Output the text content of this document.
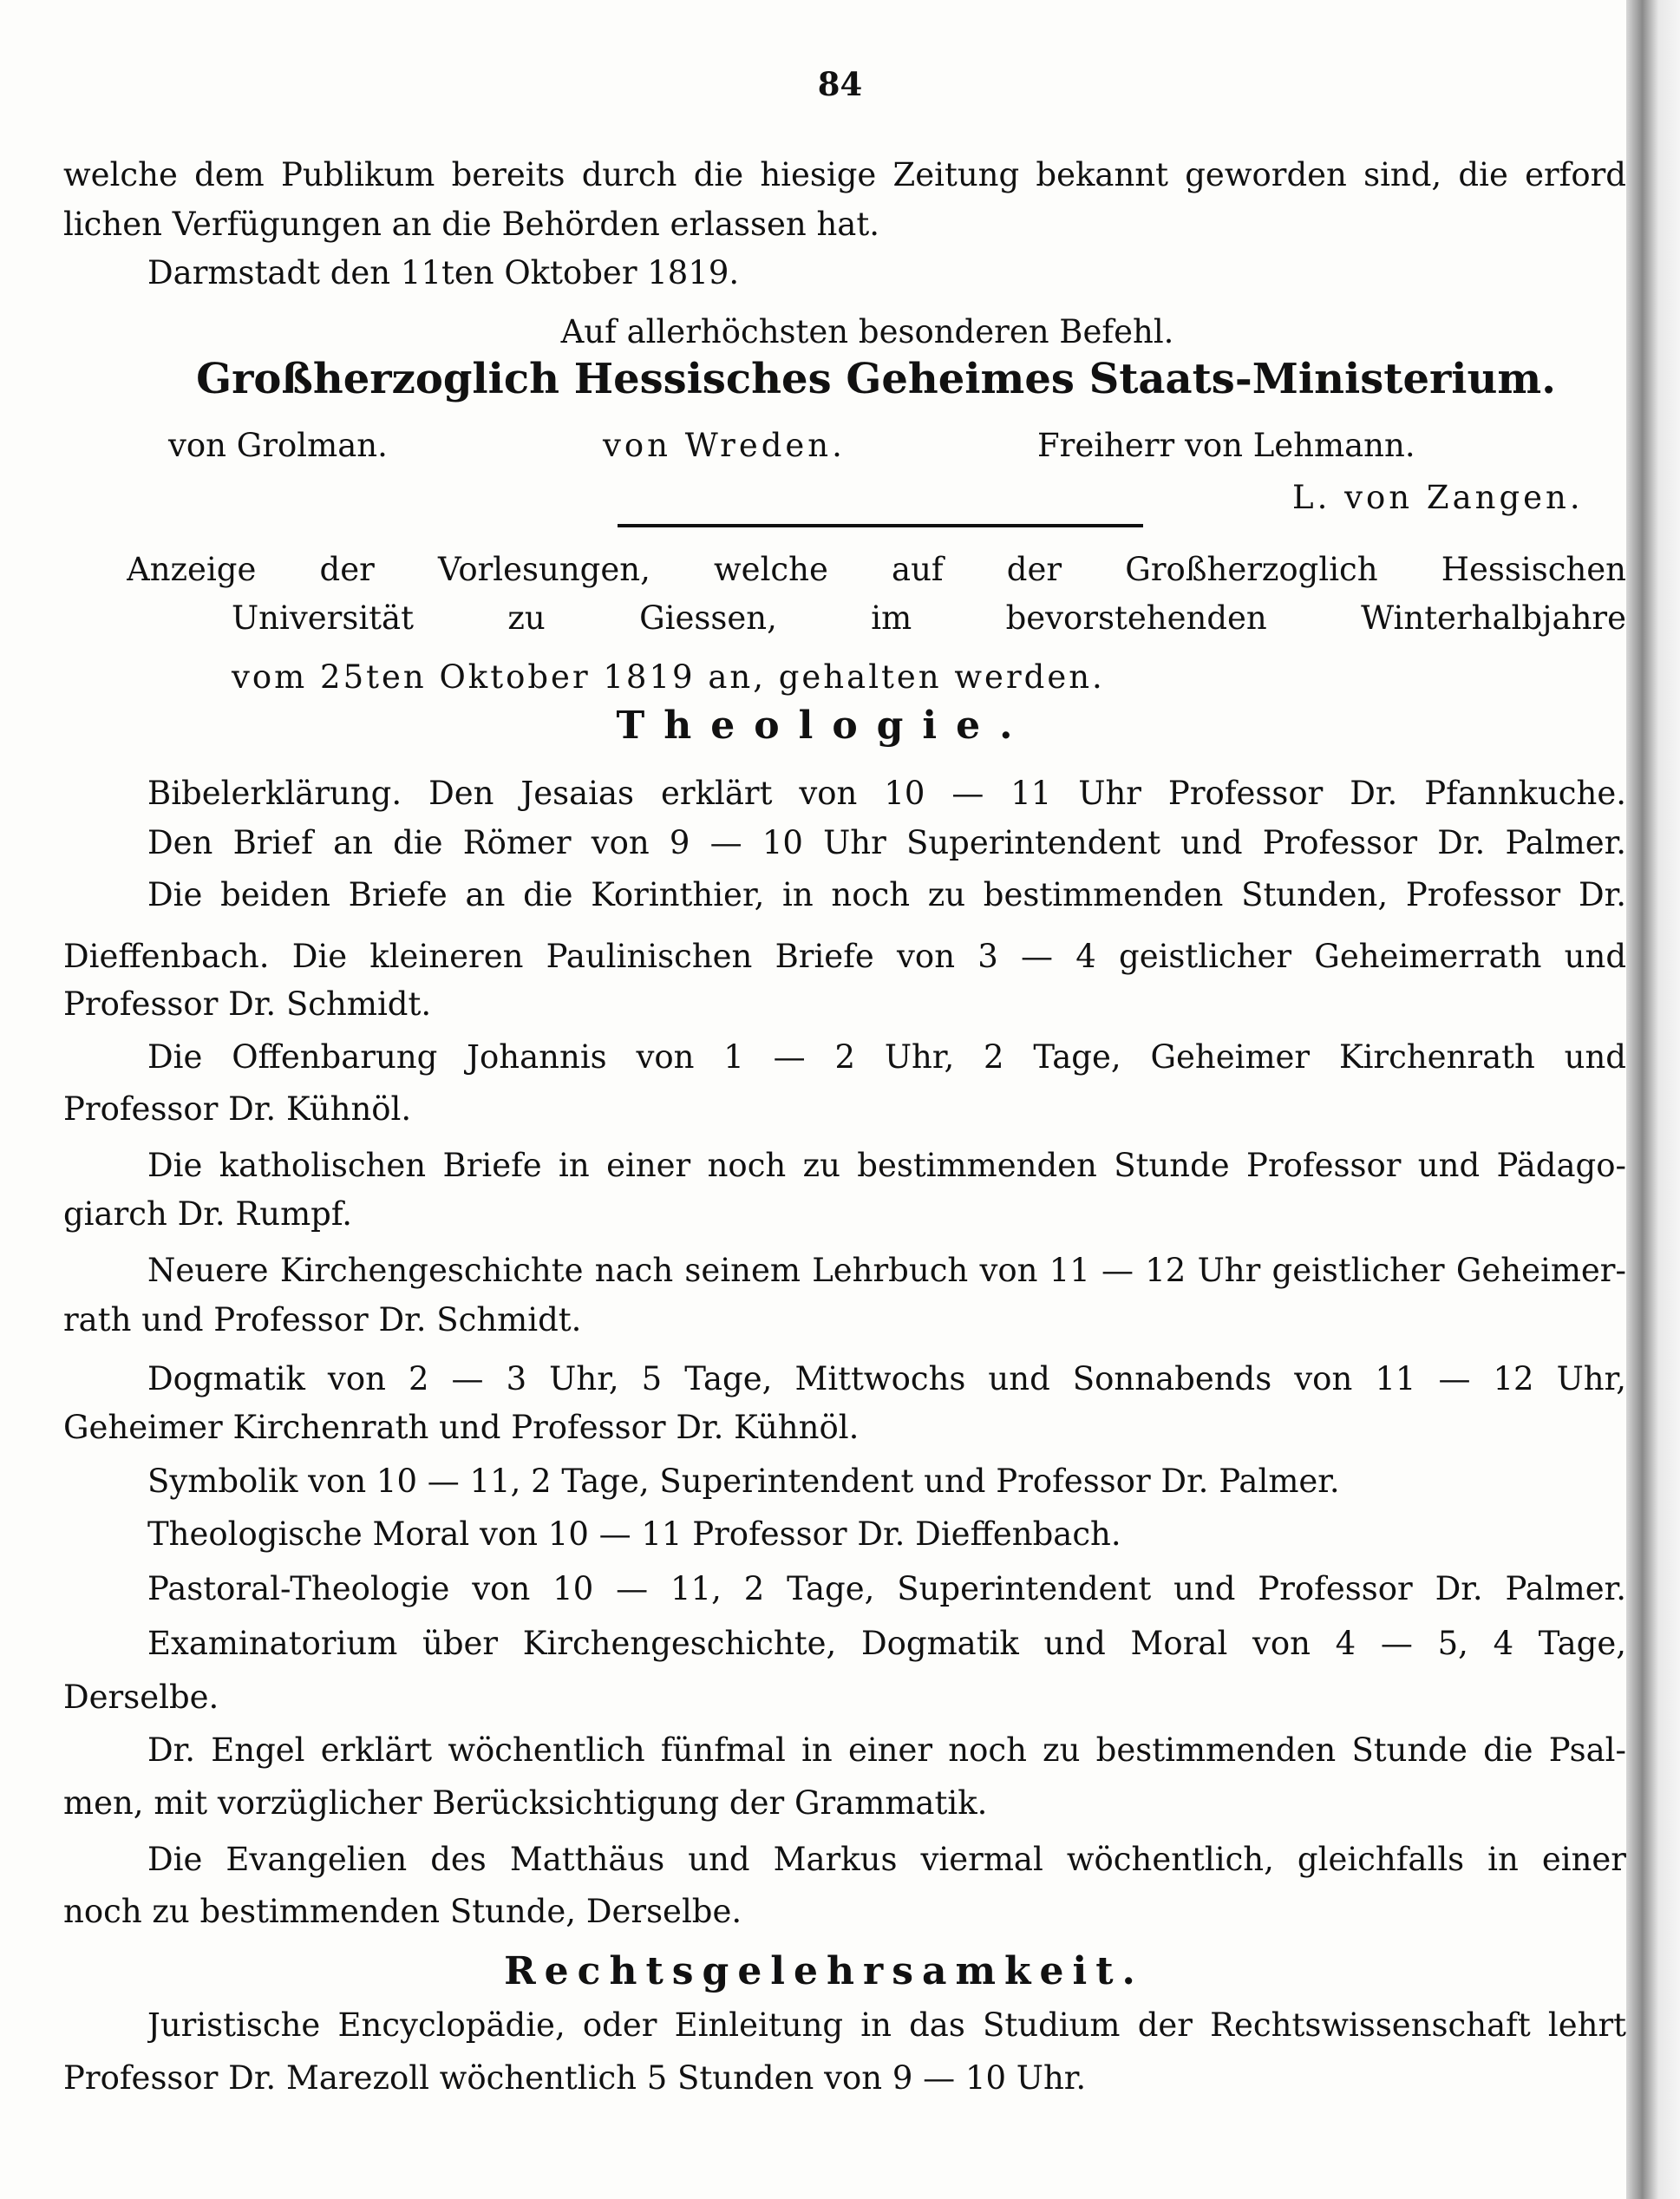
84
welche dem Publikum bereits durch die hiesige Zeitung bekannt geworden sind, die erford
lichen Verfügungen an die Behörden erlassen hat.
Darmstadt den 11ten Oktober 1819.
Auf allerhöchsten besonderen Befehl.
Großherzoglich Hessisches Geheimes Staats-Ministerium.
von Grolman.	von Wreden.	Freiherr von Lehmann.
L. von Zangen.
Anzeige der Vorlesungen, welche auf der Großherzoglich Hessischen
Universität zu Giessen, im bevorstehenden Winterhalbjahre
vom 25ten Oktober 1819 an, gehalten werden.
Theologie.
Bibelerklärung. Den Jesaias erklärt von 10 — 11 Uhr Professor Dr. Pfannkuche.
Den Brief an die Römer von 9 — 10 Uhr Superintendent und Professor Dr. Palmer.
Die beiden Briefe an die Korinthier, in noch zu bestimmenden Stunden, Professor Dr.
Dieffenbach. Die kleineren Paulinischen Briefe von 3 — 4 geistlicher Geheimerrath und
Professor Dr. Schmidt.
Die Offenbarung Johannis von 1 — 2 Uhr, 2 Tage, Geheimer Kirchenrath und
Professor Dr. Kühnöl.
Die katholischen Briefe in einer noch zu bestimmenden Stunde Professor und Pädago-
giarch Dr. Rumpf.
Neuere Kirchengeschichte nach seinem Lehrbuch von 11 — 12 Uhr geistlicher Geheimer-
rath und Professor Dr. Schmidt.
Dogmatik von 2 — 3 Uhr, 5 Tage, Mittwochs und Sonnabends von 11 — 12 Uhr,
Geheimer Kirchenrath und Professor Dr. Kühnöl.
Symbolik von 10 — 11, 2 Tage, Superintendent und Professor Dr. Palmer.
Theologische Moral von 10 — 11 Professor Dr. Dieffenbach.
Pastoral-Theologie von 10 — 11, 2 Tage, Superintendent und Professor Dr. Palmer.
Examinatorium über Kirchengeschichte, Dogmatik und Moral von 4 — 5, 4 Tage,
Derselbe.
Dr. Engel erklärt wöchentlich fünfmal in einer noch zu bestimmenden Stunde die Psal-
men, mit vorzüglicher Berücksichtigung der Grammatik.
Die Evangelien des Matthäus und Markus viermal wöchentlich, gleichfalls in einer
noch zu bestimmenden Stunde, Derselbe.
Rechtsgelehrsamkeit.
Juristische Encyclopädie, oder Einleitung in das Studium der Rechtswissenschaft lehrt
Professor Dr. Marezoll wöchentlich 5 Stunden von 9 — 10 Uhr.
